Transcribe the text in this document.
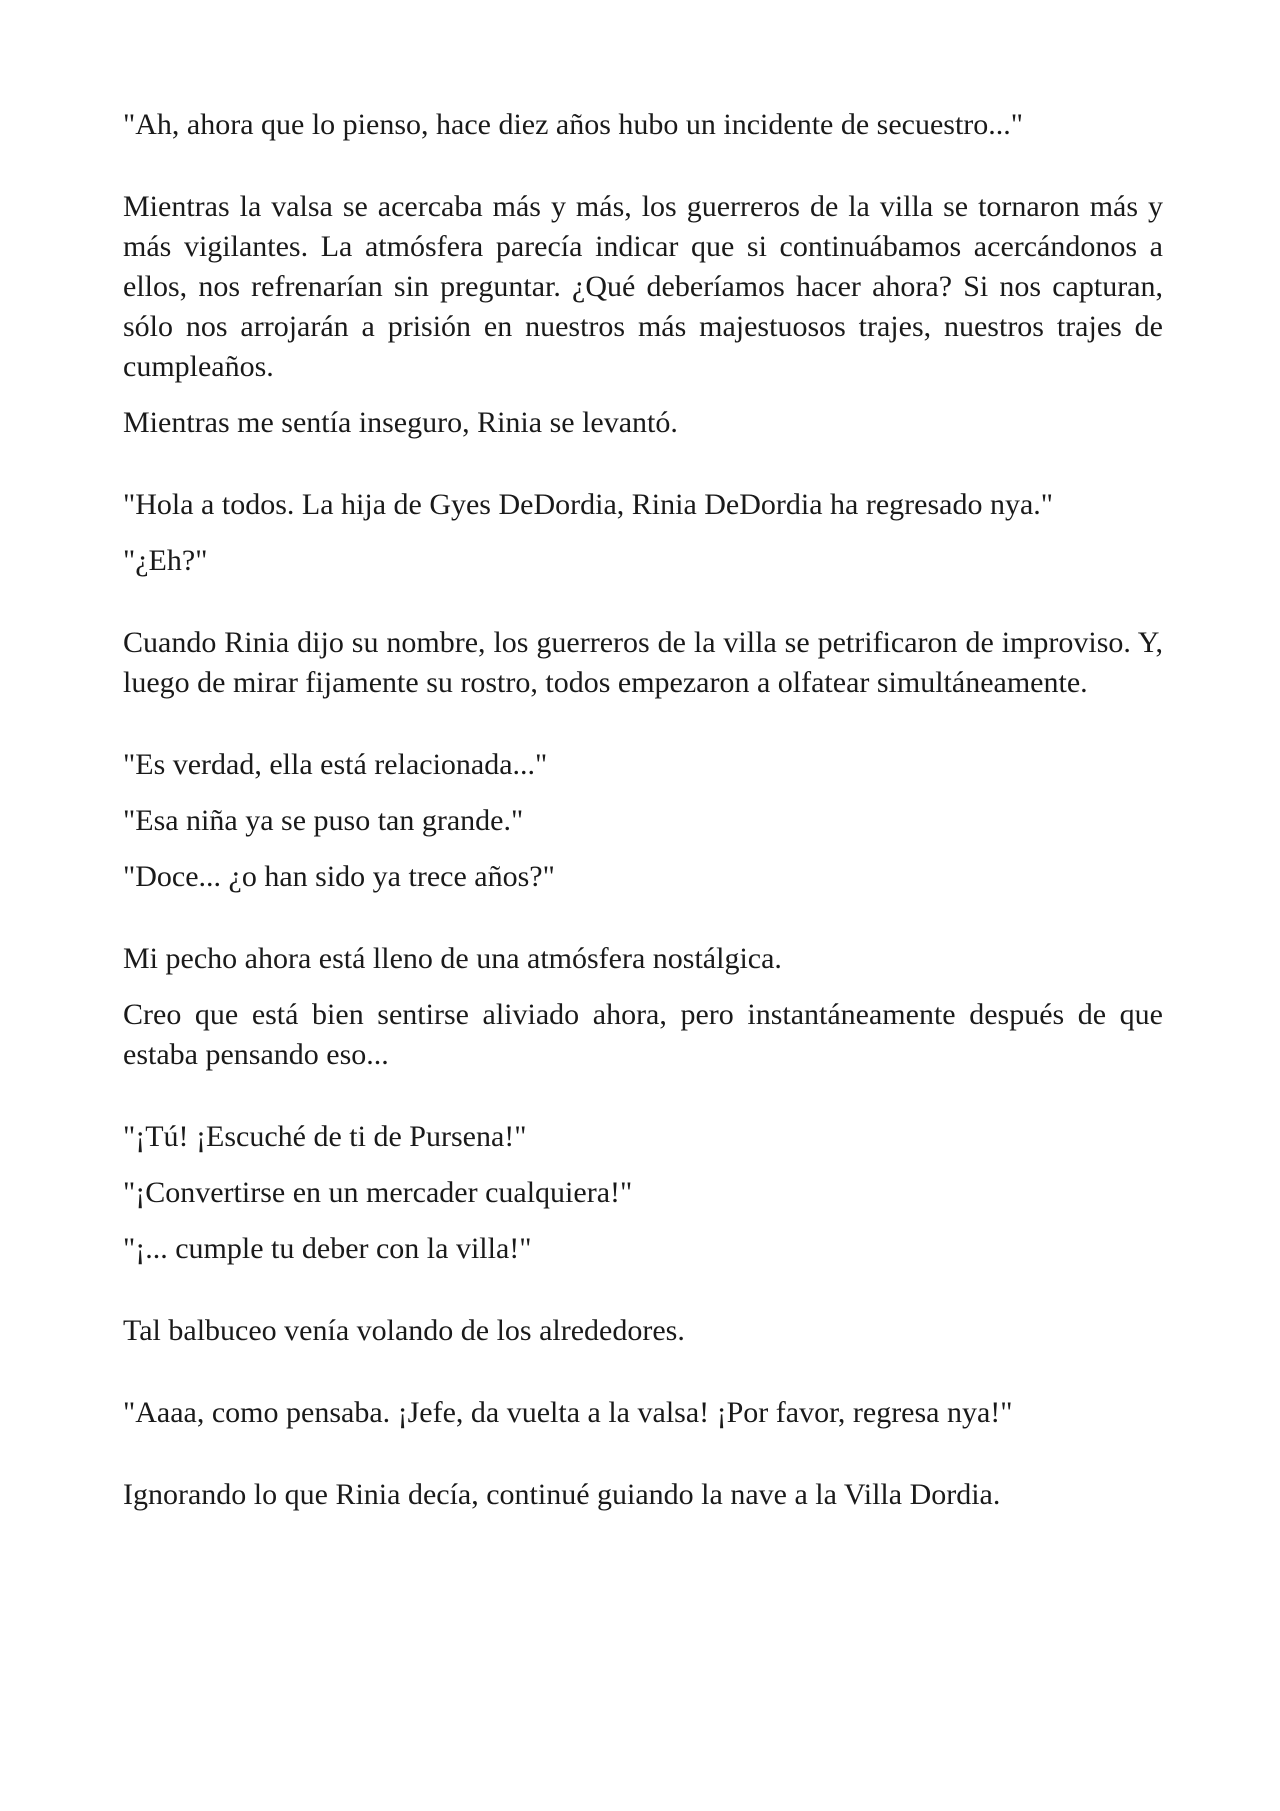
"Ah, ahora que lo pienso, hace diez años hubo un incidente de secuestro..."

Mientras la valsa se acercaba más y más, los guerreros de la villa se tornaron más y más vigilantes. La atmósfera parecía indicar que si continuábamos acercándonos a ellos, nos refrenarían sin preguntar. ¿Qué deberíamos hacer ahora? Si nos capturan, sólo nos arrojarán a prisión en nuestros más majestuosos trajes, nuestros trajes de cumpleaños.

Mientras me sentía inseguro, Rinia se levantó.

"Hola a todos. La hija de Gyes DeDordia, Rinia DeDordia ha regresado nya."

"¿Eh?"

Cuando Rinia dijo su nombre, los guerreros de la villa se petrificaron de improviso. Y, luego de mirar fijamente su rostro, todos empezaron a olfatear simultáneamente.

"Es verdad, ella está relacionada..."

"Esa niña ya se puso tan grande."

"Doce... ¿o han sido ya trece años?"

Mi pecho ahora está lleno de una atmósfera nostálgica.

Creo que está bien sentirse aliviado ahora, pero instantáneamente después de que estaba pensando eso...

"¡Tú! ¡Escuché de ti de Pursena!"

"¡Convertirse en un mercader cualquiera!"

"¡... cumple tu deber con la villa!"

Tal balbuceo venía volando de los alrededores.

"Aaaa, como pensaba. ¡Jefe, da vuelta a la valsa! ¡Por favor, regresa nya!"

Ignorando lo que Rinia decía, continué guiando la nave a la Villa Dordia.
